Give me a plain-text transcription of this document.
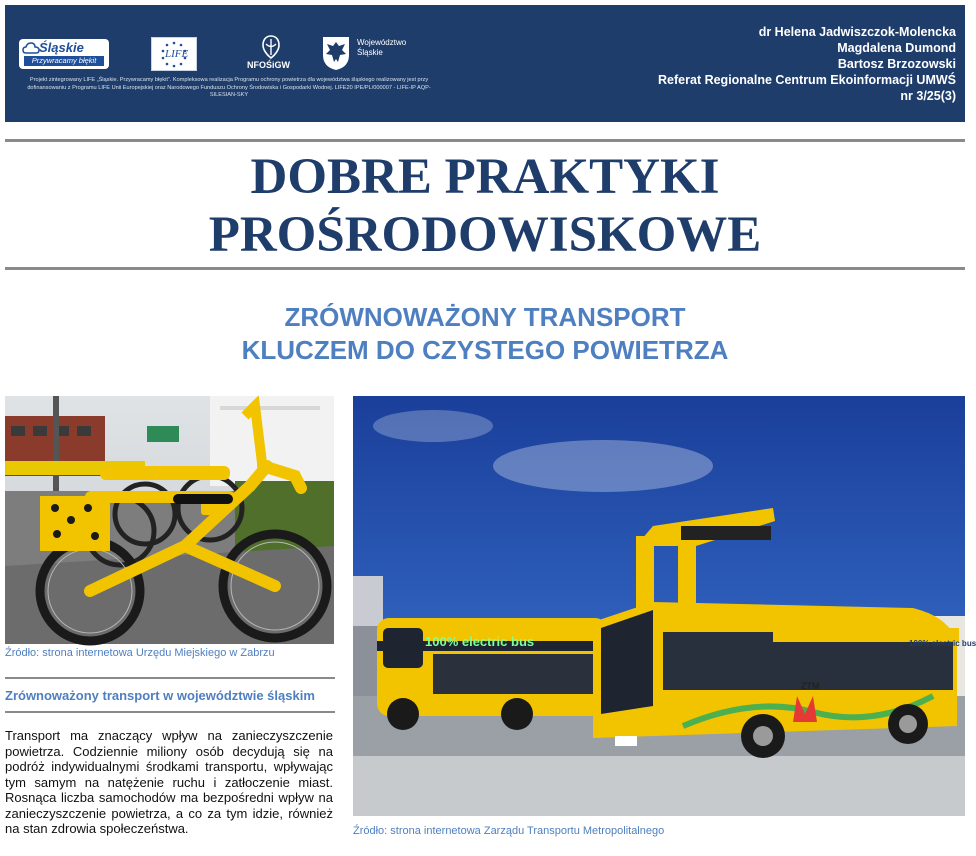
Śląskie
Przywracamy błękit
LIFE
NFOŚiGW
Województwo
Śląskie
Projekt zintegrowany LIFE „Śląskie. Przywracamy błękit”. Kompleksowa realizacja Programu ochrony powietrza dla województwa śląskiego realizowany jest przy dofinansowaniu z Programu LIFE Unii Europejskiej oraz Narodowego Funduszu Ochrony Środowiska i Gospodarki Wodnej. LIFE20 IPE/PL/000007 - LIFE-IP AQP-SILESIAN-SKY
dr Helena Jadwiszczok-Molencka
Magdalena Dumond
Bartosz Brzozowski
Referat Regionalne Centrum Ekoinformacji UMWŚ
nr 3/25(3)
DOBRE PRAKTYKI
PROŚRODOWISKOWE
ZRÓWNOWAŻONY TRANSPORT
KLUCZEM DO CZYSTEGO POWIETRZA
Źródło: strona internetowa Urzędu Miejskiego w Zabrzu
100% electric bus	100% electric bus
ZTM
Źródło: strona internetowa Zarządu Transportu Metropolitalnego
Zrównoważony transport w województwie śląskim

Transport ma znaczący wpływ na zanieczyszczenie powietrza. Codziennie miliony osób decydują się na podróż indywidualnymi środkami transportu, wpływając tym samym na natężenie ruchu i zatłoczenie miast. Rosnąca liczba samochodów ma bezpośredni wpływ na zanieczyszczenie powietrza, a co za tym idzie, również na stan zdrowia społeczeństwa.
